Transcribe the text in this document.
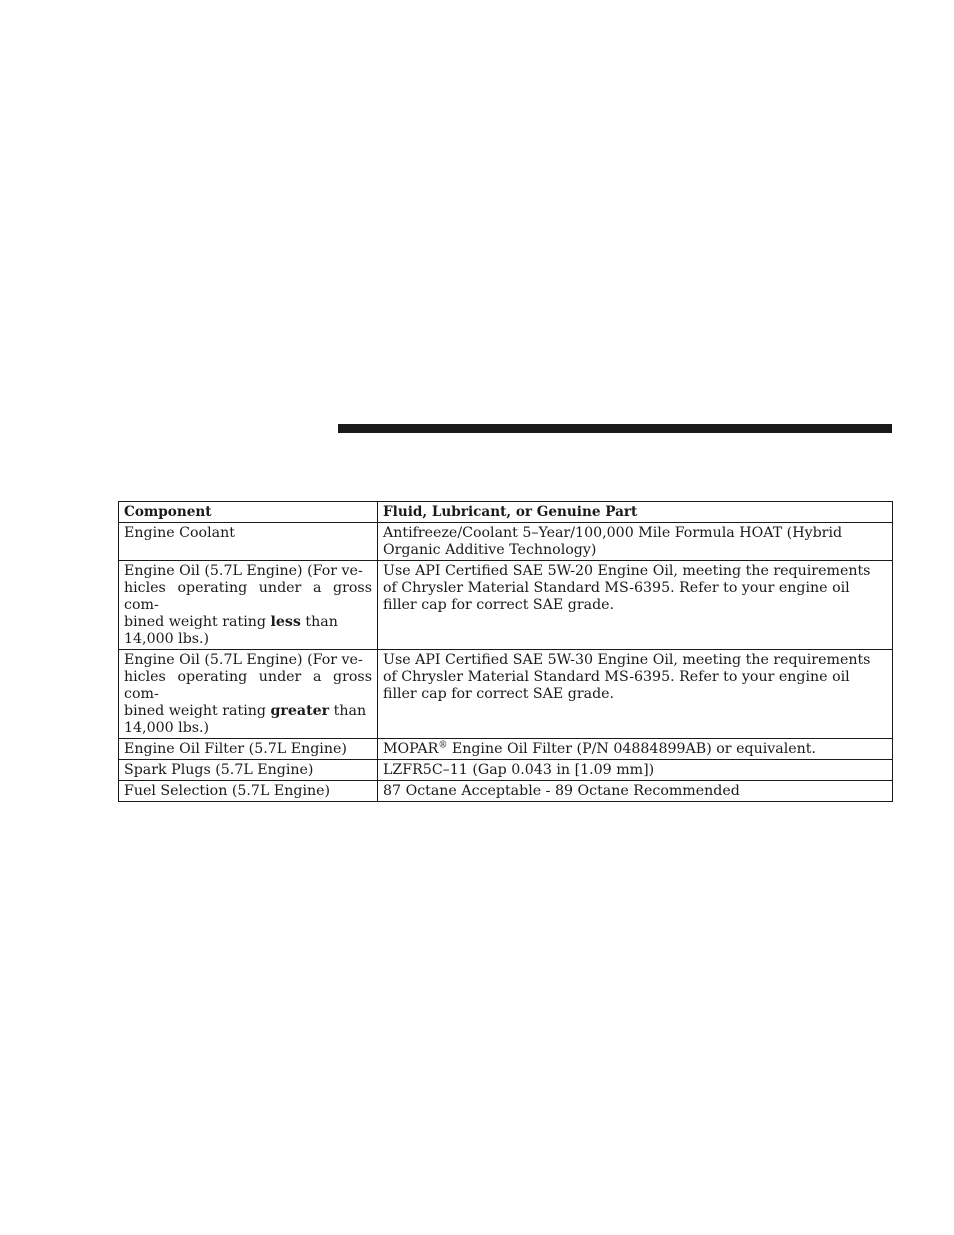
Component	Fluid, Lubricant, or Genuine Part
Engine Coolant	Antifreeze/Coolant 5–Year/100,000 Mile Formula HOAT (Hybrid Organic Additive Technology)
Engine Oil (5.7L Engine) (For ve-
hicles operating under a gross com-
bined weight rating less than
14,000 lbs.)	Use API Certified SAE 5W-20 Engine Oil, meeting the requirements of Chrysler Material Standard MS-6395. Refer to your engine oil filler cap for correct SAE grade.
Engine Oil (5.7L Engine) (For ve-
hicles operating under a gross com-
bined weight rating greater than
14,000 lbs.)	Use API Certified SAE 5W-30 Engine Oil, meeting the requirements of Chrysler Material Standard MS-6395. Refer to your engine oil filler cap for correct SAE grade.
Engine Oil Filter (5.7L Engine)	MOPAR® Engine Oil Filter (P/N 04884899AB) or equivalent.
Spark Plugs (5.7L Engine)	LZFR5C–11 (Gap 0.043 in [1.09 mm])
Fuel Selection (5.7L Engine)	87 Octane Acceptable - 89 Octane Recommended
